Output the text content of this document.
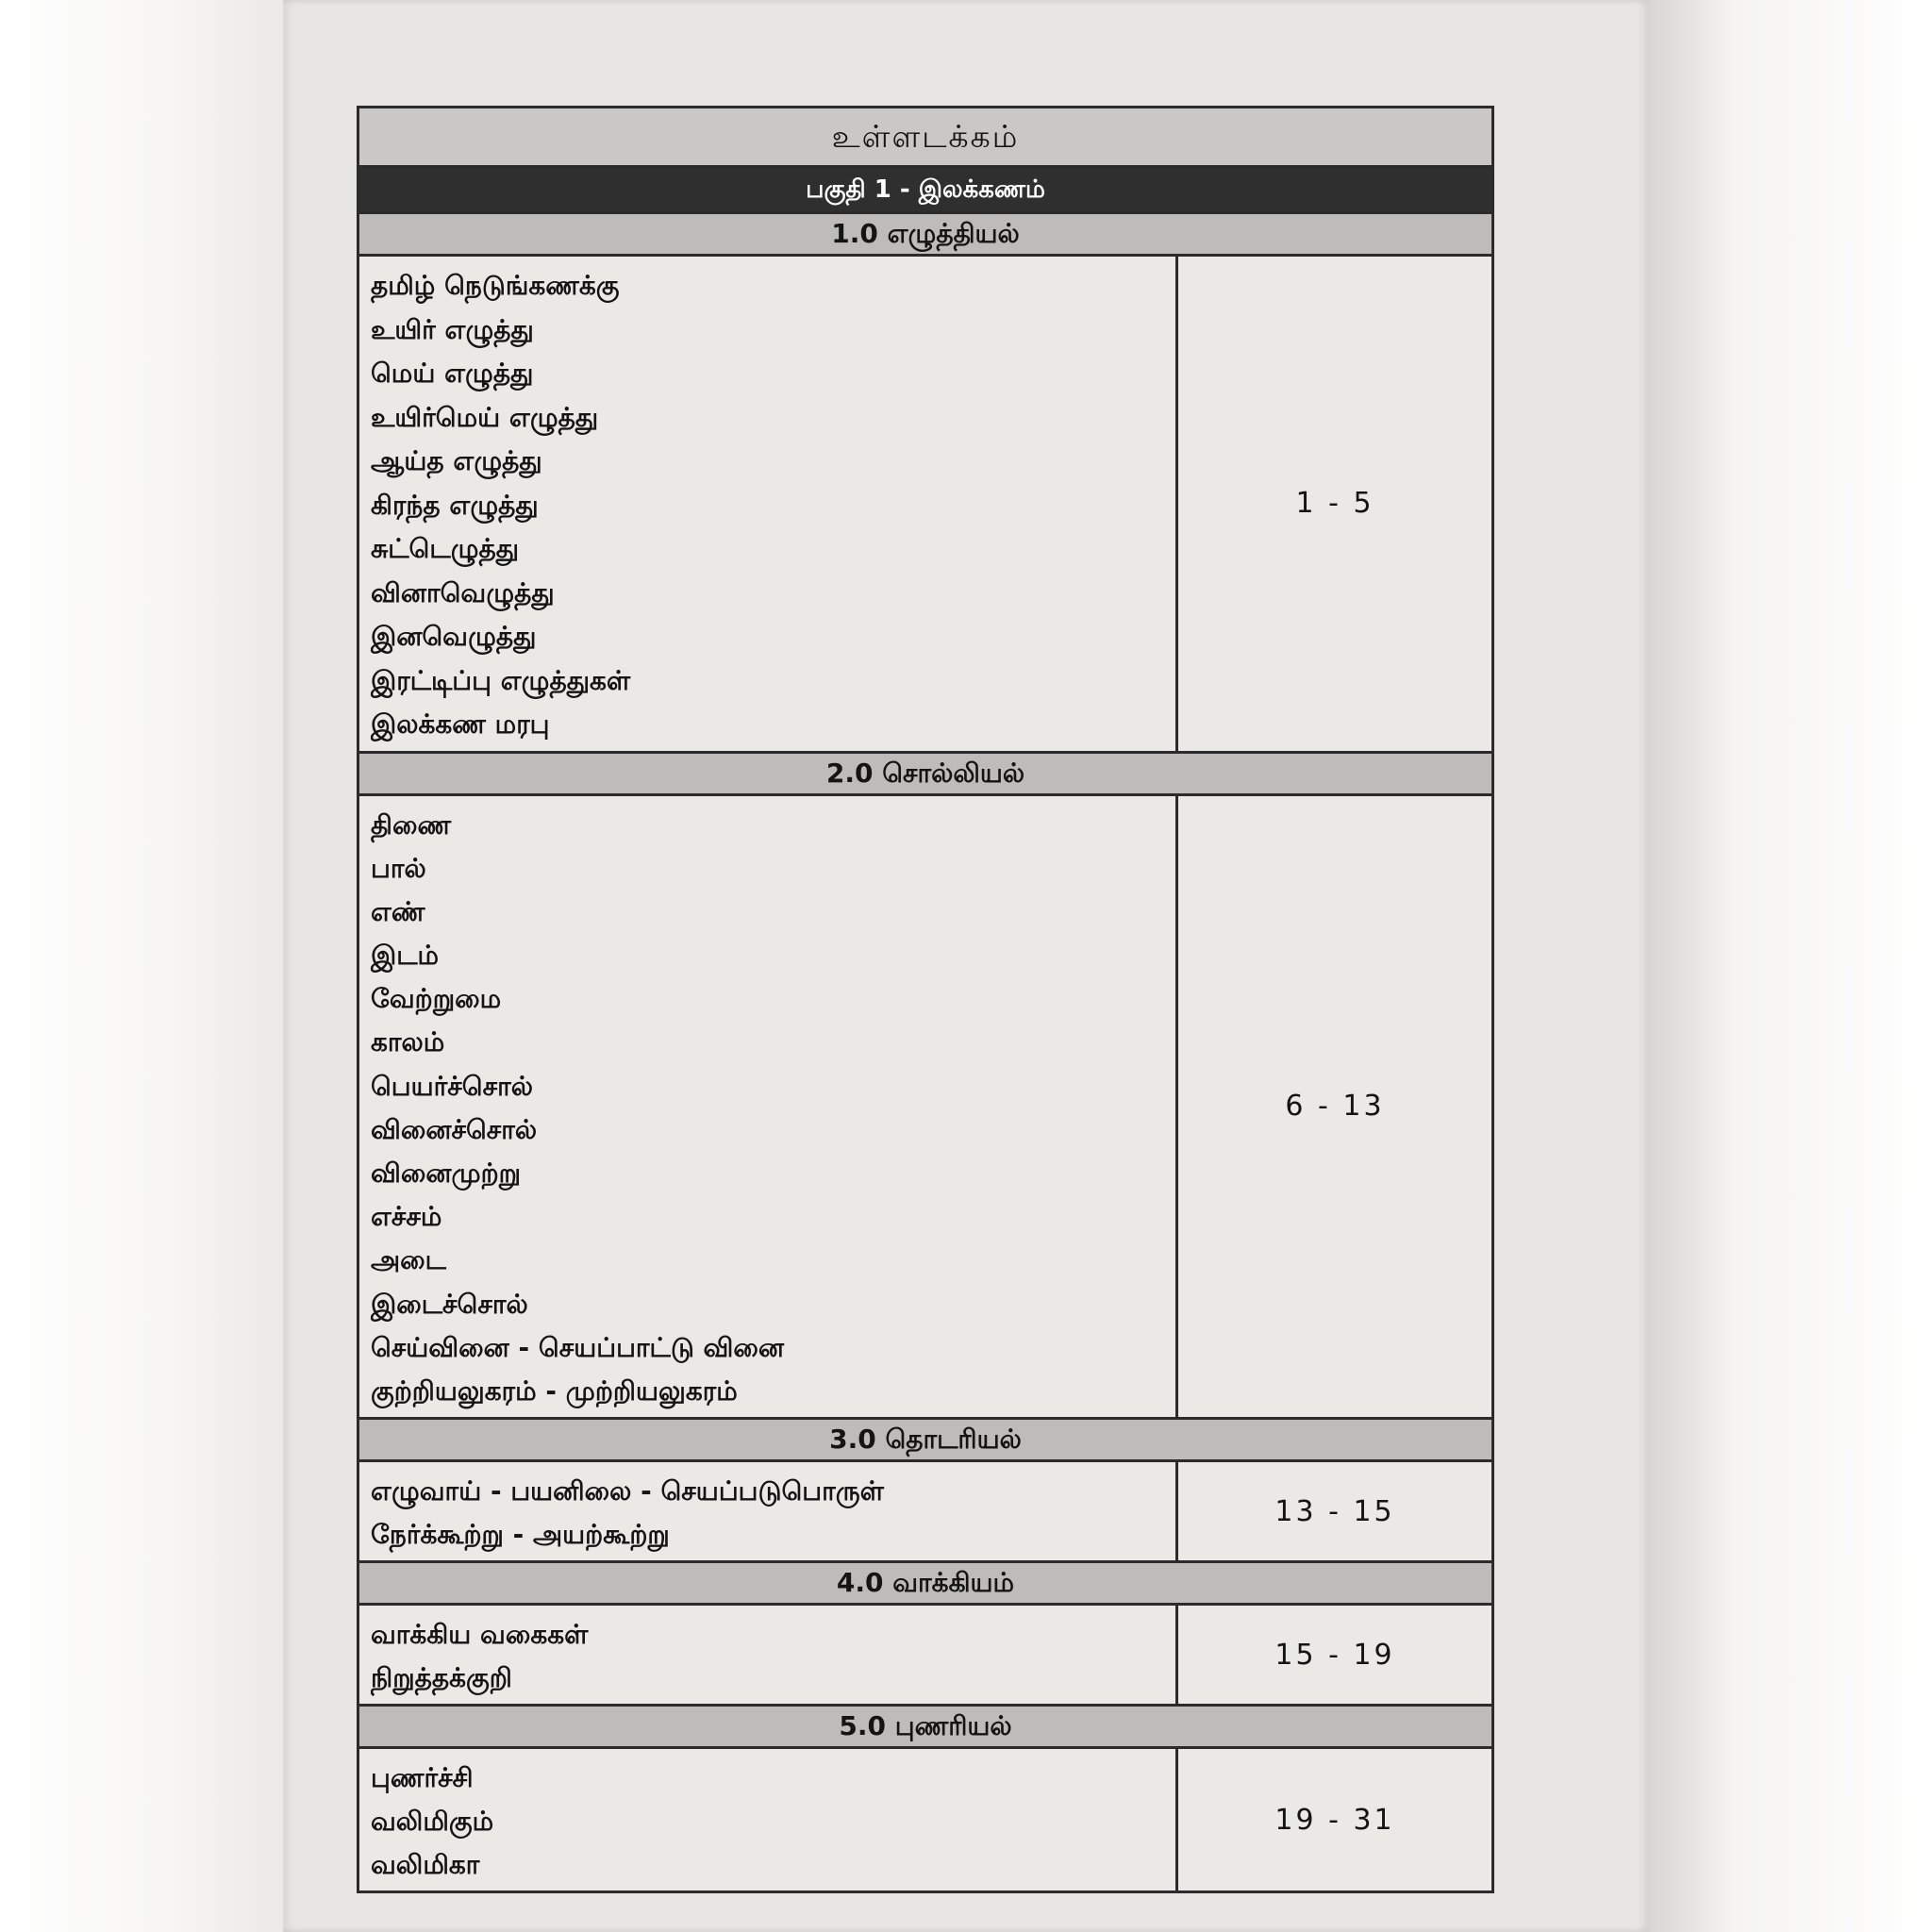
உள்ளடக்கம்
பகுதி 1 - இலக்கணம்
1.0 எழுத்தியல்
தமிழ் நெடுங்கணக்கு
உயிர் எழுத்து
மெய் எழுத்து
உயிர்மெய் எழுத்து
ஆய்த எழுத்து
கிரந்த எழுத்து
சுட்டெழுத்து
வினாவெழுத்து
இனவெழுத்து
இரட்டிப்பு எழுத்துகள்
இலக்கண மரபு
1 - 5
2.0 சொல்லியல்
திணை
பால்
எண்
இடம்
வேற்றுமை
காலம்
பெயர்ச்சொல்
வினைச்சொல்
வினைமுற்று
எச்சம்
அடை
இடைச்சொல்
செய்வினை - செயப்பாட்டு வினை
குற்றியலுகரம் - முற்றியலுகரம்
6 - 13
3.0 தொடரியல்
எழுவாய் - பயனிலை - செயப்படுபொருள்
நேர்க்கூற்று - அயற்கூற்று
13 - 15
4.0 வாக்கியம்
வாக்கிய வகைகள்
நிறுத்தக்குறி
15 - 19
5.0 புணரியல்
புணர்ச்சி
வலிமிகும்
வலிமிகா
19 - 31
